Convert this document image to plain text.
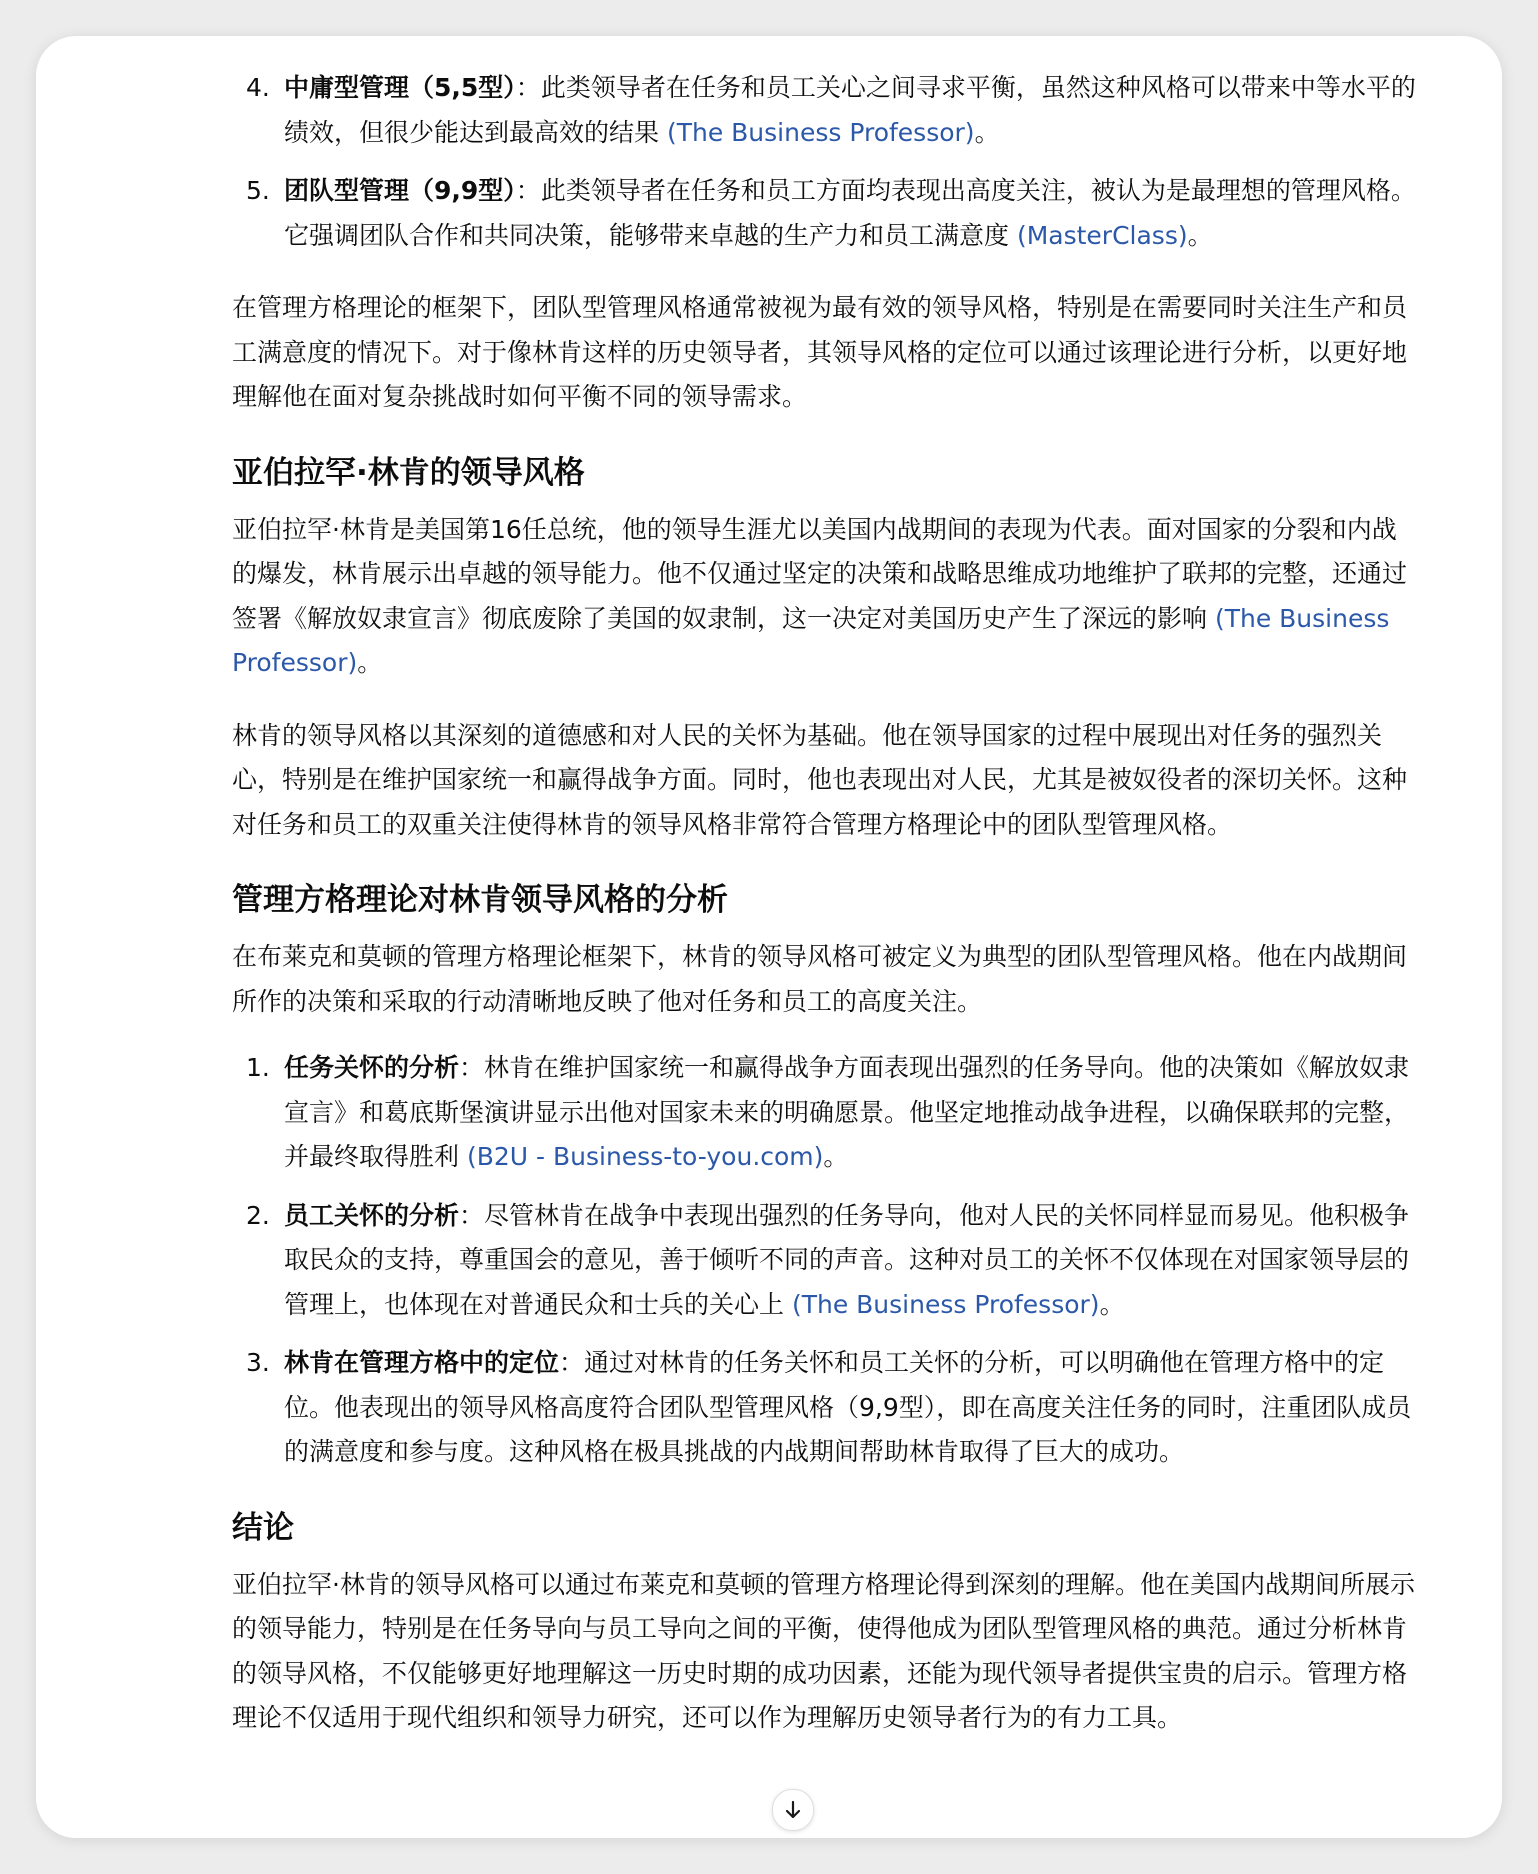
4. 中庸型管理（5,5型）：此类领导者在任务和员工关心之间寻求平衡，虽然这种风格可以带来中等水平的绩效，但很少能达到最高效的结果 (The Business Professor)。
5. 团队型管理（9,9型）：此类领导者在任务和员工方面均表现出高度关注，被认为是最理想的管理风格。它强调团队合作和共同决策，能够带来卓越的生产力和员工满意度 (MasterClass)。

在管理方格理论的框架下，团队型管理风格通常被视为最有效的领导风格，特别是在需要同时关注生产和员工满意度的情况下。对于像林肯这样的历史领导者，其领导风格的定位可以通过该理论进行分析，以更好地理解他在面对复杂挑战时如何平衡不同的领导需求。

亚伯拉罕·林肯的领导风格

亚伯拉罕·林肯是美国第16任总统，他的领导生涯尤以美国内战期间的表现为代表。面对国家的分裂和内战的爆发，林肯展示出卓越的领导能力。他不仅通过坚定的决策和战略思维成功地维护了联邦的完整，还通过签署《解放奴隶宣言》彻底废除了美国的奴隶制，这一决定对美国历史产生了深远的影响 (The Business Professor)。

林肯的领导风格以其深刻的道德感和对人民的关怀为基础。他在领导国家的过程中展现出对任务的强烈关心，特别是在维护国家统一和赢得战争方面。同时，他也表现出对人民，尤其是被奴役者的深切关怀。这种对任务和员工的双重关注使得林肯的领导风格非常符合管理方格理论中的团队型管理风格。

管理方格理论对林肯领导风格的分析

在布莱克和莫顿的管理方格理论框架下，林肯的领导风格可被定义为典型的团队型管理风格。他在内战期间所作的决策和采取的行动清晰地反映了他对任务和员工的高度关注。

1. 任务关怀的分析：林肯在维护国家统一和赢得战争方面表现出强烈的任务导向。他的决策如《解放奴隶宣言》和葛底斯堡演讲显示出他对国家未来的明确愿景。他坚定地推动战争进程，以确保联邦的完整，并最终取得胜利 (B2U - Business-to-you.com)。
2. 员工关怀的分析：尽管林肯在战争中表现出强烈的任务导向，他对人民的关怀同样显而易见。他积极争取民众的支持，尊重国会的意见，善于倾听不同的声音。这种对员工的关怀不仅体现在对国家领导层的管理上，也体现在对普通民众和士兵的关心上 (The Business Professor)。
3. 林肯在管理方格中的定位：通过对林肯的任务关怀和员工关怀的分析，可以明确他在管理方格中的定位。他表现出的领导风格高度符合团队型管理风格（9,9型），即在高度关注任务的同时，注重团队成员的满意度和参与度。这种风格在极具挑战的内战期间帮助林肯取得了巨大的成功。
结论

亚伯拉罕·林肯的领导风格可以通过布莱克和莫顿的管理方格理论得到深刻的理解。他在美国内战期间所展示的领导能力，特别是在任务导向与员工导向之间的平衡，使得他成为团队型管理风格的典范。通过分析林肯的领导风格，不仅能够更好地理解这一历史时期的成功因素，还能为现代领导者提供宝贵的启示。管理方格理论不仅适用于现代组织和领导力研究，还可以作为理解历史领导者行为的有力工具。
